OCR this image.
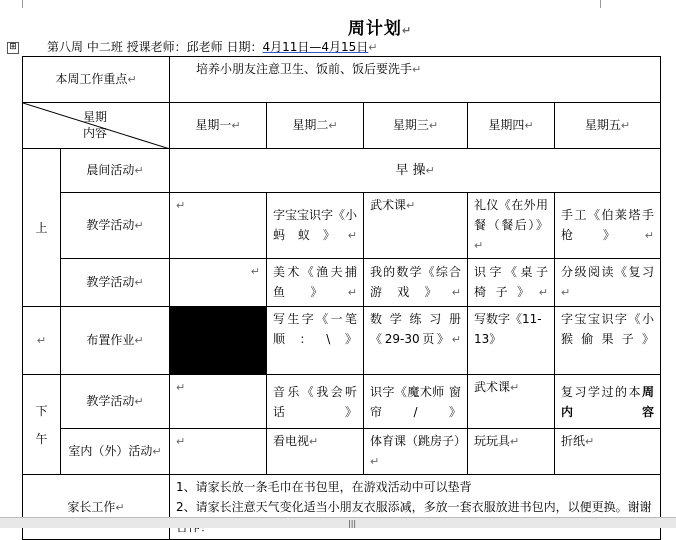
周计划↵
⊞	第八周 中二班 授课老师：邱老师 日期：4月11日—4月15日↵
本周工作重点↵		培养小朋友注意卫生、饭前、饭后要洗手↵				

星期
内容		星期一↵	星期二↵	星期三↵	星期四↵	星期五↵
上	晨间活动↵	早 操↵				
	教学活动↵	↵	字宝宝识字《小蚂蚁》↵	武术课↵	礼仪《在外用餐（餐后）》↵	手工《伯莱塔手枪》↵
	教学活动↵	↵	美术《渔夫捕鱼》↵	我的数学《综合游戏》↵	识字《桌子 椅子》↵	分级阅读《复习↵
↵	布置作业↵		写生字《一笔顺：\》	数学练习册《29-30页》↵	写数字《11-13》	字宝宝识字《小猴偷果子》
下
午	教学活动↵	↵	音乐《我会听话》	识字《魔术师 窗帘/》	武术课↵	复习学过的本周内容
	室内（外）活动↵	↵	看电视↵	体育课（跳房子）↵	玩玩具↵	折纸↵
家长工作↵		1、请家长放一条毛巾在书包里，在游戏活动中可以垫背
2、请家长注意天气变化适当小朋友衣服添减，多放一套衣服放进书包内，以便更换。谢谢				
|||
